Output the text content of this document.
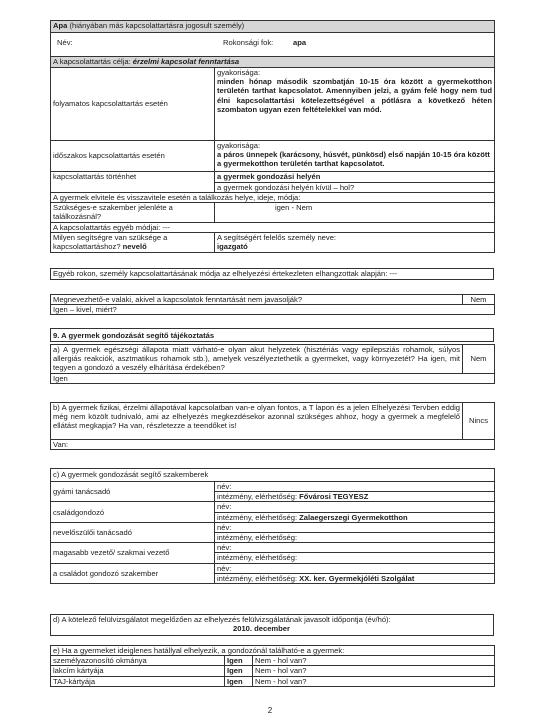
Apa (hiányában más kapcsolattartásra jogosult személy)	

Név: Rokonsági fok: apa	

A kapcsolattartás célja: érzelmi kapcsolat fenntartása	
folyamatos kapcsolattartás esetén	gyakorisága:
minden hónap második szombatján 10-15 óra között a gyermekotthon területén tarthat kapcsolatot. Amennyiben jelzi, a gyám felé hogy nem tud élni kapcsolattartási kötelezettségével a pótlásra a következő héten szombaton ugyan ezen feltételekkel van mód.

időszakos kapcsolattartás esetén	gyakorisága:
a páros ünnepek (karácsony, húsvét, pünkösd) első napján 10-15 óra között a gyermekotthon területén tarthat kapcsolatot.

kapcsolattartás történhet	a gyermek gondozási helyén
	a gyermek gondozási helyén kívül – hol?
A gyermek elvitele és visszavitele esetén a találkozás helye, ideje, módja:	
Szükséges-e szakember jelenléte a találkozásnál?	igen - Nem
A kapcsolattartás egyéb módjai: ---	
Milyen segítségre van szüksége a kapcsolattartáshoz? nevelő	A segítségért felelős személy neve:
igazgató
Egyéb rokon, személy kapcsolattartásának módja az elhelyezési értekezleten elhangzottak alapján: ---
Megnevezhető-e valaki, akivel a kapcsolatok fenntartását nem javasolják?	Nem
Igen – kivel, miért?
9. A gyermek gondozását segítő tájékoztatás
a) A gyermek egészségi állapota miatt várható-e olyan akut helyzetek (hisztériás vagy epilepsziás rohamok, súlyos allergiás reakciók, asztmatikus rohamok stb.), amelyek veszélyeztethetik a gyermeket, vagy környezetét? Ha igen, mit tegyen a gondozó a veszély elhárítása érdekében?	Nem
Igen
b) A gyermek fizikai, érzelmi állapotával kapcsolatban van-e olyan fontos, a T lapon és a jelen Elhelyezési Tervben eddig még nem közölt tudnivaló, ami az elhelyezés megkezdésekor azonnal szükséges ahhoz, hogy a gyermek a megfelelő ellátást megkapja? Ha van, részletezze a teendőket is!	Nincs
Van:
c) A gyermek gondozását segítő szakemberek	
gyámi tanácsadó	név:
	intézmény, elérhetőség: Fővárosi TEGYESZ
családgondozó	név:
	intézmény, elérhetőség: Zalaegerszegi Gyermekotthon
nevelőszülői tanácsadó	név:
	intézmény, elérhetőség:
magasabb vezető/ szakmai vezető	név:
	intézmény, elérhetőség:
a családot gondozó szakember	név:
	intézmény, elérhetőség: XX. ker. Gyermekjóléti Szolgálat
d) A kötelező felülvizsgálatot megelőzően az elhelyezés felülvizsgálatának javasolt időpontja (év/hó):
2010. december
e) Ha a gyermeket ideiglenes hatállyal elhelyezik, a gondozónál található-e a gyermek:		
személyazonosító okmánya	Igen	Nem - hol van?
lakcím kártyája	Igen	Nem - hol van?
TAJ-kártyája	Igen	Nem - hol van?
2
